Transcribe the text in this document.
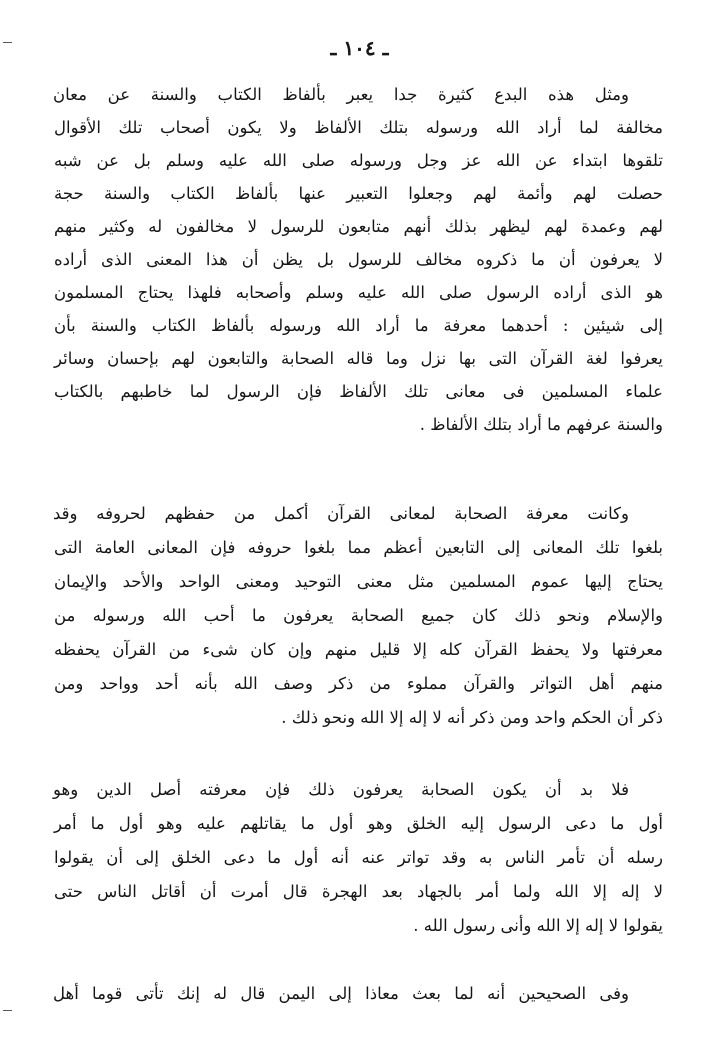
ـ ١٠٤ ـ
ومثل هذه البدع كثيرة جدا يعبر بألفاظ الكتاب والسنة عن معان
مخالفة لما أراد الله ورسوله بتلك الألفاظ ولا يكون أصحاب تلك الأقوال
تلقوها ابتداء عن الله عز وجل ورسوله صلى الله عليه وسلم بل عن شبه
حصلت لهم وأئمة لهم وجعلوا التعبير عنها بألفاظ الكتاب والسنة حجة
لهم وعمدة لهم ليظهر بذلك أنهم متابعون للرسول لا مخالفون له وكثير منهم
لا يعرفون أن ما ذكروه مخالف للرسول بل يظن أن هذا المعنى الذى أراده
هو الذى أراده الرسول صلى الله عليه وسلم وأصحابه فلهذا يحتاج المسلمون
إلى شيئين : أحدهما معرفة ما أراد الله ورسوله بألفاظ الكتاب والسنة بأن
يعرفوا لغة القرآن التى بها نزل وما قاله الصحابة والتابعون لهم بإحسان وسائر
علماء المسلمين فى معانى تلك الألفاظ فإن الرسول لما خاطبهم بالكتاب
والسنة عرفهم ما أراد بتلك الألفاظ .
وكانت معرفة الصحابة لمعانى القرآن أكمل من حفظهم لحروفه وقد
بلغوا تلك المعانى إلى التابعين أعظم مما بلغوا حروفه فإن المعانى العامة التى
يحتاج إليها عموم المسلمين مثل معنى التوحيد ومعنى الواحد والأحد والإيمان
والإسلام ونحو ذلك كان جميع الصحابة يعرفون ما أحب الله ورسوله من
معرفتها ولا يحفظ القرآن كله إلا قليل منهم وإن كان شىء من القرآن يحفظه
منهم أهل التواتر والقرآن مملوء من ذكر وصف الله بأنه أحد وواحد ومن
ذكر أن الحكم واحد ومن ذكر أنه لا إله إلا الله ونحو ذلك .
فلا بد أن يكون الصحابة يعرفون ذلك فإن معرفته أصل الدين وهو
أول ما دعى الرسول إليه الخلق وهو أول ما يقاتلهم عليه وهو أول ما أمر
رسله أن تأمر الناس به وقد تواتر عنه أنه أول ما دعى الخلق إلى أن يقولوا
لا إله إلا الله ولما أمر بالجهاد بعد الهجرة قال أمرت أن أقاتل الناس حتى
يقولوا لا إله إلا الله وأنى رسول الله .
وفى الصحيحين أنه لما بعث معاذا إلى اليمن قال له إنك تأتى قوما أهل
